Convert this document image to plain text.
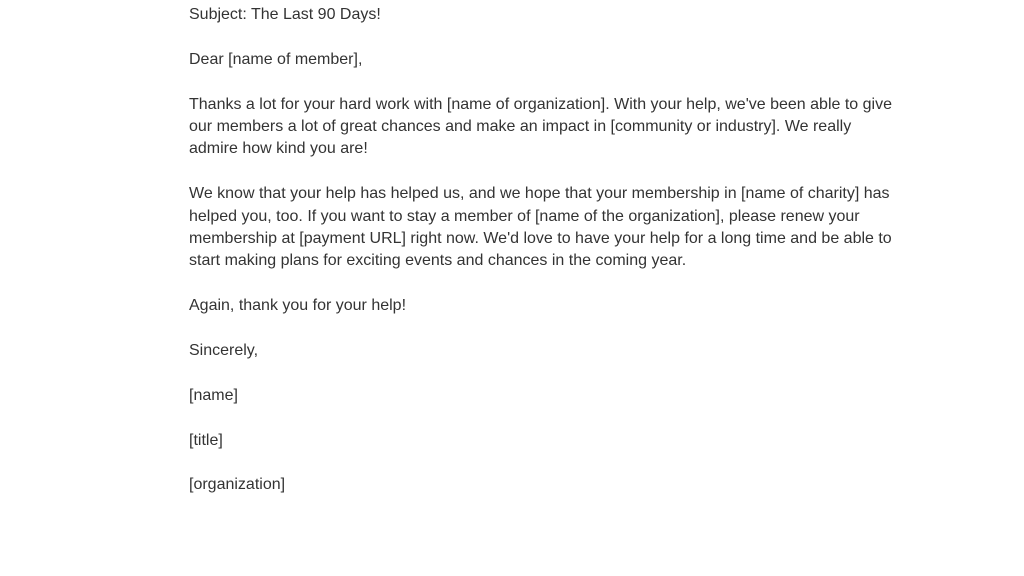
Subject: The Last 90 Days!

Dear [name of member],

Thanks a lot for your hard work with [name of organization]. With your help, we've been able to give our members a lot of great chances and make an impact in [community or industry]. We really admire how kind you are!

We know that your help has helped us, and we hope that your membership in [name of charity] has helped you, too. If you want to stay a member of [name of the organization], please renew your membership at [payment URL] right now. We'd love to have your help for a long time and be able to start making plans for exciting events and chances in the coming year.

Again, thank you for your help!

Sincerely,

[name]

[title]

[organization]
